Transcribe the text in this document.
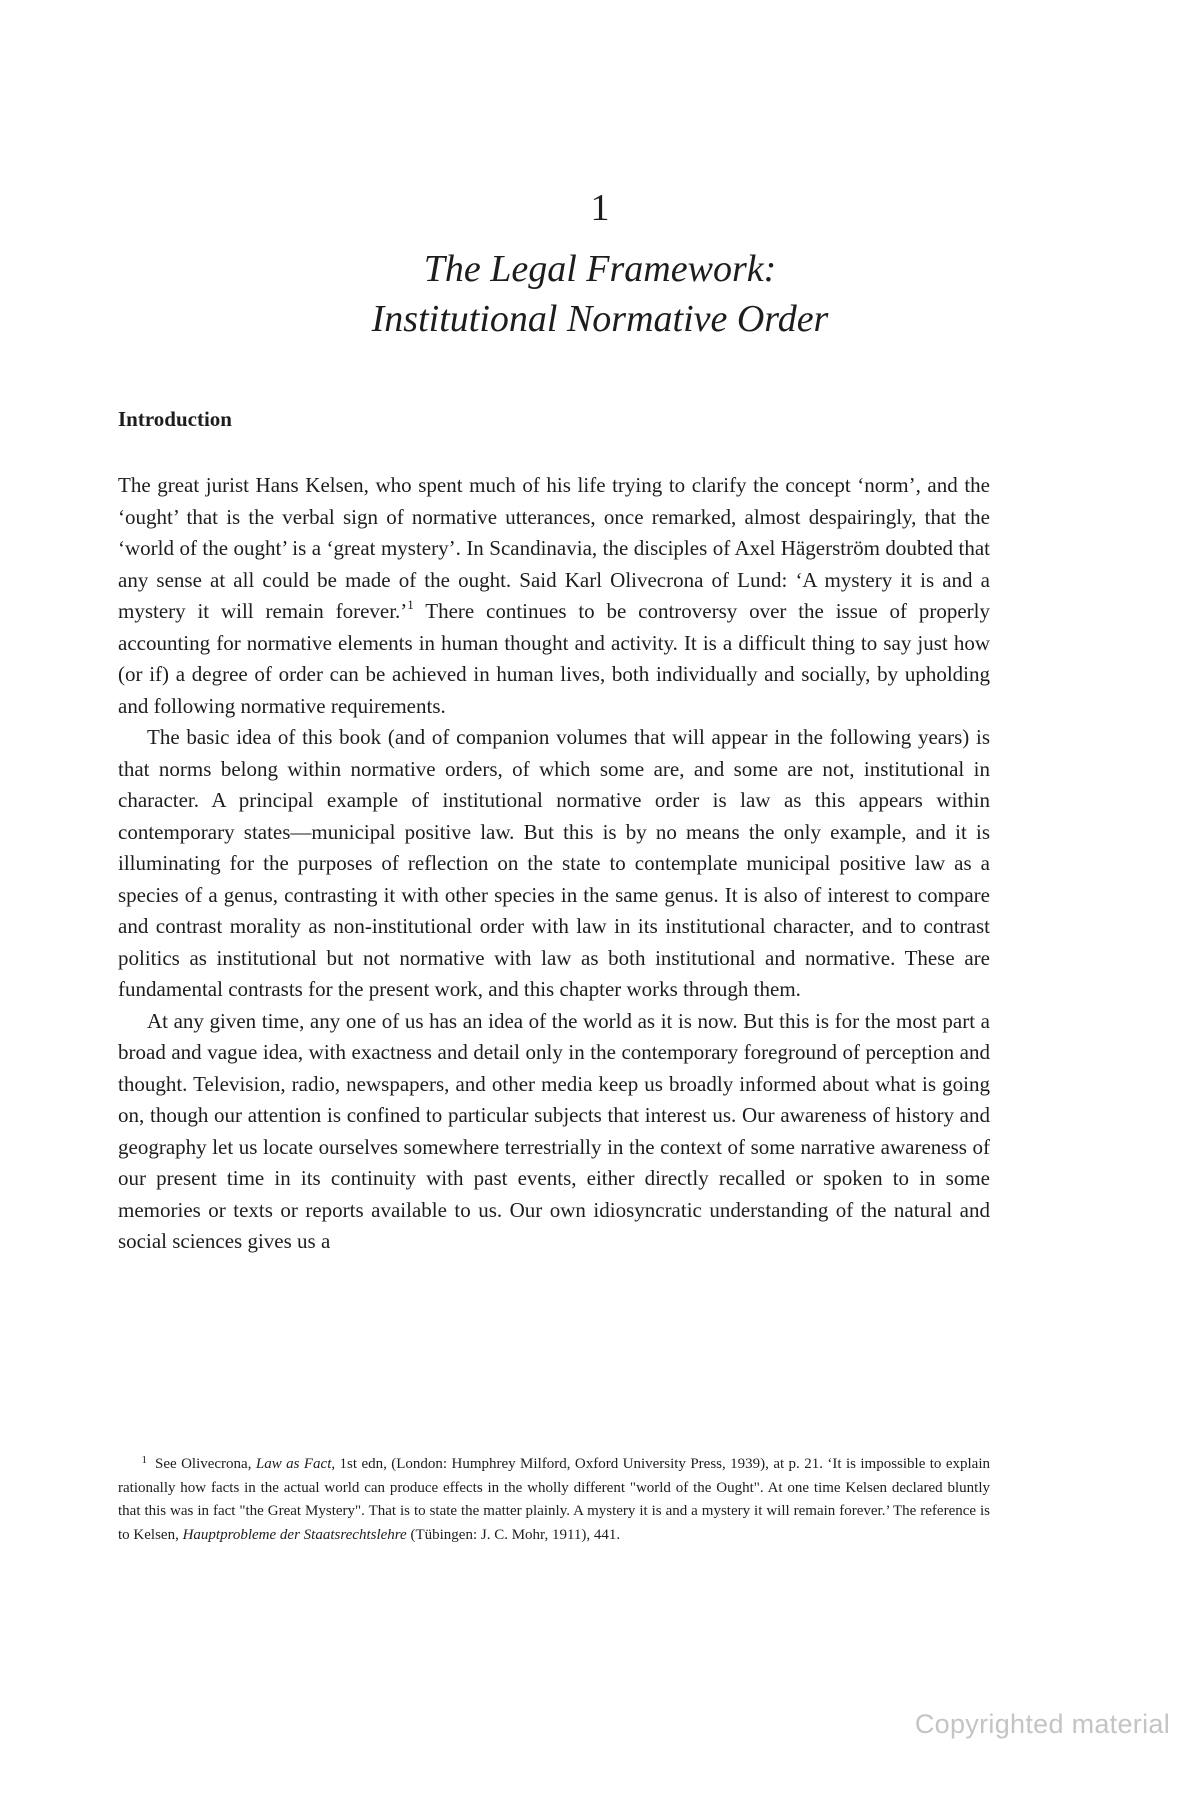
1
The Legal Framework:
Institutional Normative Order
Introduction

The great jurist Hans Kelsen, who spent much of his life trying to clarify the concept ‘norm’, and the ‘ought’ that is the verbal sign of normative utterances, once remarked, almost despairingly, that the ‘world of the ought’ is a ‘great mystery’. In Scandinavia, the disciples of Axel Hägerström doubted that any sense at all could be made of the ought. Said Karl Olivecrona of Lund: ‘A mystery it is and a mystery it will remain forever.’$^1$ There continues to be controversy over the issue of properly accounting for normative elements in human thought and activity. It is a difficult thing to say just how (or if) a degree of order can be achieved in human lives, both individually and socially, by upholding and following normative requirements.

The basic idea of this book (and of companion volumes that will appear in the following years) is that norms belong within normative orders, of which some are, and some are not, institutional in character. A principal example of institutional normative order is law as this appears within contemporary states—municipal positive law. But this is by no means the only example, and it is illuminating for the purposes of reflection on the state to contemplate municipal positive law as a species of a genus, contrasting it with other species in the same genus. It is also of interest to compare and contrast morality as non-institutional order with law in its institutional character, and to contrast politics as institutional but not normative with law as both institutional and normative. These are fundamental contrasts for the present work, and this chapter works through them.

At any given time, any one of us has an idea of the world as it is now. But this is for the most part a broad and vague idea, with exactness and detail only in the contemporary foreground of perception and thought. Television, radio, newspapers, and other media keep us broadly informed about what is going on, though our attention is confined to particular subjects that interest us. Our awareness of history and geography let us locate ourselves somewhere terrestrially in the context of some narrative awareness of our present time in its continuity with past events, either directly recalled or spoken to in some memories or texts or reports available to us. Our own idiosyncratic understanding of the natural and social sciences gives us a

1 See Olivecrona, Law as Fact, 1st edn, (London: Humphrey Milford, Oxford University Press, 1939), at p. 21. ‘It is impossible to explain rationally how facts in the actual world can produce effects in the wholly different "world of the Ought". At one time Kelsen declared bluntly that this was in fact "the Great Mystery". That is to state the matter plainly. A mystery it is and a mystery it will remain forever.’ The reference is to Kelsen, Hauptprobleme der Staatsrechtslehre (Tübingen: J. C. Mohr, 1911), 441.
Copyrighted material
